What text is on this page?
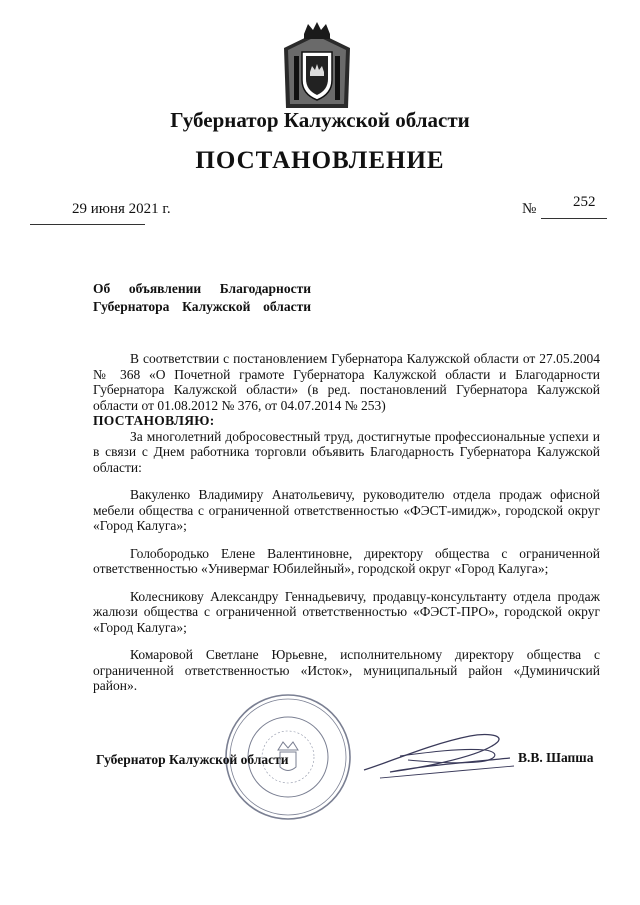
Губернатор Калужской области
ПОСТАНОВЛЕНИЕ
29 июня 2021 г.	№ 252
Об объявлении Благодарности
Губернатора Калужской области

В соответствии с постановлением Губернатора Калужской области от 27.05.2004 № 368 «О Почетной грамоте Губернатора Калужской области и Благодарности Губернатора Калужской области» (в ред. постановлений Губернатора Калужской области от 01.08.2012 № 376, от 04.07.2014 № 253)

ПОСТАНОВЛЯЮ:

За многолетний добросовестный труд, достигнутые профессиональные успехи и в связи с Днем работника торговли объявить Благодарность Губернатора Калужской области:

Вакуленко Владимиру Анатольевичу, руководителю отдела продаж офисной мебели общества с ограниченной ответственностью «ФЭСТ-имидж», городской округ «Город Калуга»;

Голобородько Елене Валентиновне, директору общества с ограниченной ответственностью «Универмаг Юбилейный», городской округ «Город Калуга»;

Колесникову Александру Геннадьевичу, продавцу-консультанту отдела продаж жалюзи общества с ограниченной ответственностью «ФЭСТ-ПРО», городской округ «Город Калуга»;

Комаровой Светлане Юрьевне, исполнительному директору общества с ограниченной ответственностью «Исток», муниципальный район «Думиничский район».

Губернатор Калужской области	В.В. Шапша
